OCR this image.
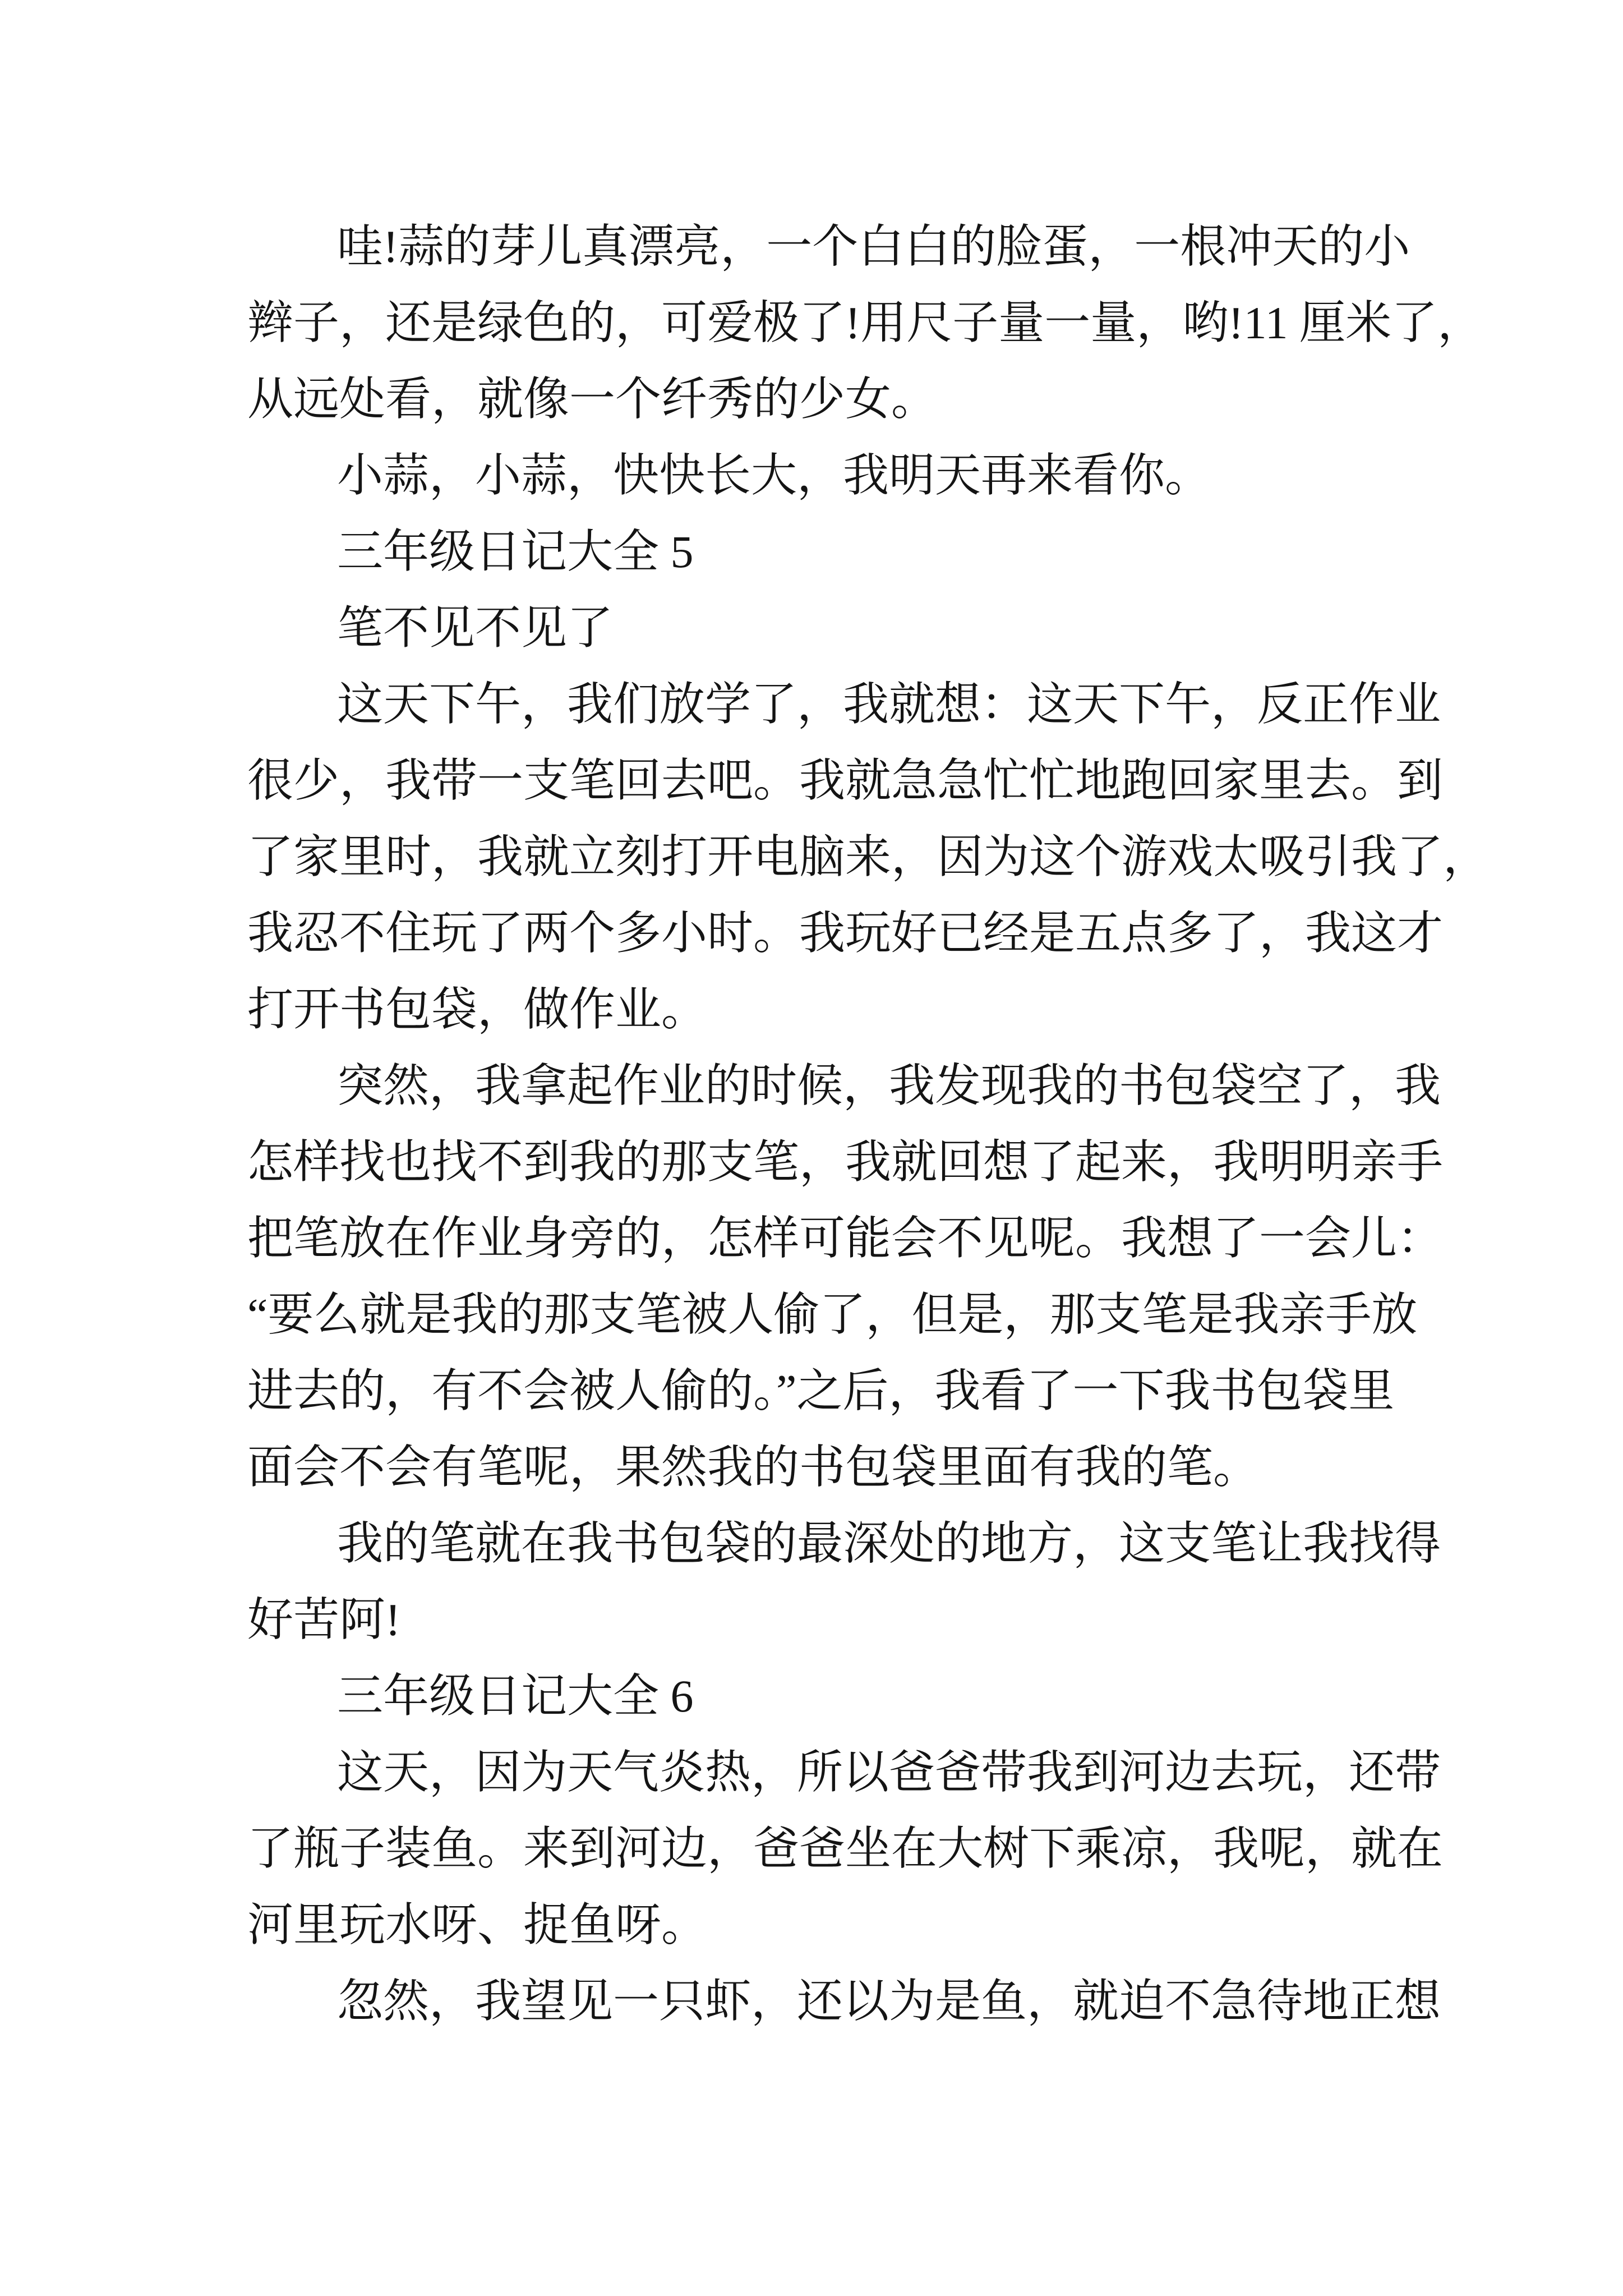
哇!蒜的芽儿真漂亮，一个白白的脸蛋，一根冲天的小
辫子，还是绿色的，可爱极了!用尺子量一量，哟!11 厘米了，
从远处看，就像一个纤秀的少女。
小蒜，小蒜，快快长大，我明天再来看你。
三年级日记大全 5
笔不见不见了
这天下午，我们放学了，我就想：这天下午，反正作业
很少，我带一支笔回去吧。我就急急忙忙地跑回家里去。到
了家里时，我就立刻打开电脑来，因为这个游戏太吸引我了，
我忍不住玩了两个多小时。我玩好已经是五点多了，我这才
打开书包袋，做作业。
突然，我拿起作业的时候，我发现我的书包袋空了，我
怎样找也找不到我的那支笔，我就回想了起来，我明明亲手
把笔放在作业身旁的，怎样可能会不见呢。我想了一会儿：
“要么就是我的那支笔被人偷了，但是，那支笔是我亲手放
进去的，有不会被人偷的。”之后，我看了一下我书包袋里
面会不会有笔呢，果然我的书包袋里面有我的笔。
我的笔就在我书包袋的最深处的地方，这支笔让我找得
好苦阿!
三年级日记大全 6
这天，因为天气炎热，所以爸爸带我到河边去玩，还带
了瓶子装鱼。来到河边，爸爸坐在大树下乘凉，我呢，就在
河里玩水呀、捉鱼呀。
忽然，我望见一只虾，还以为是鱼，就迫不急待地正想
